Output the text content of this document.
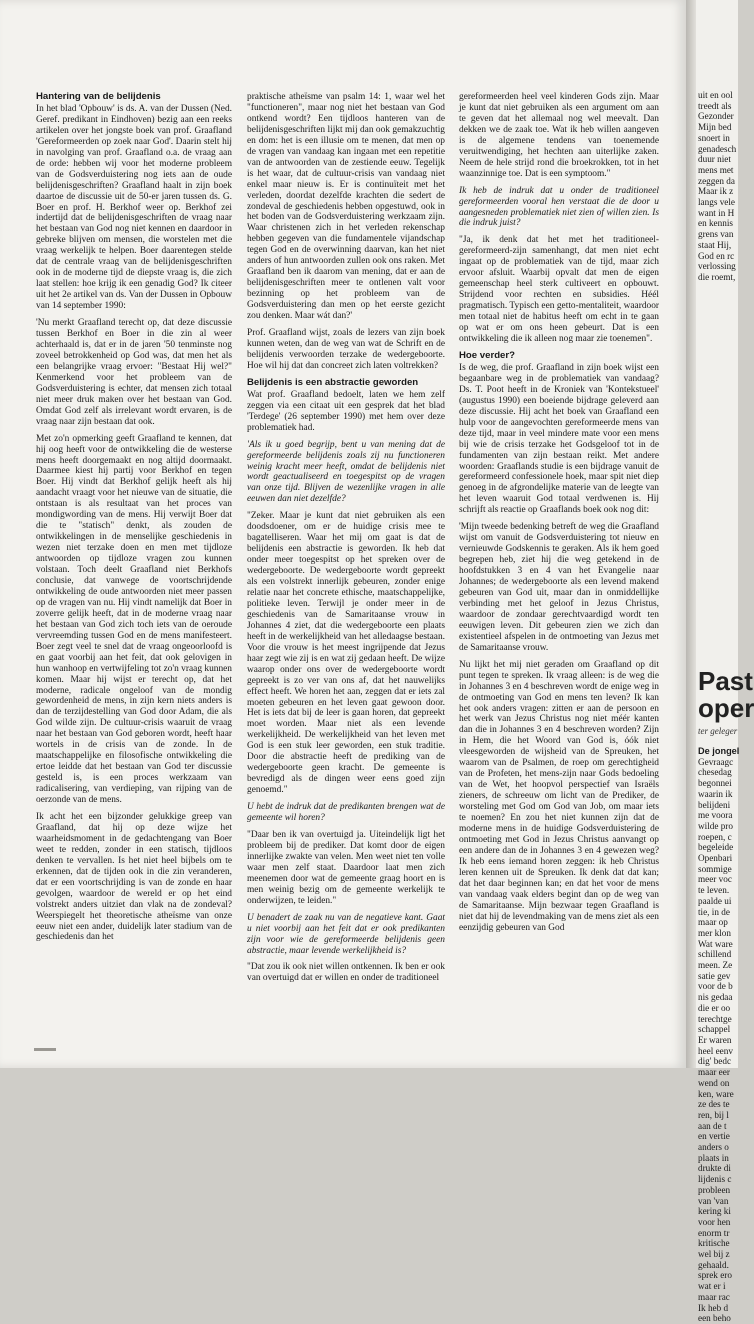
Hantering van de belijdenis

In het blad 'Opbouw' is ds. A. van der Dussen (Ned. Geref. predikant in Eindhoven) bezig aan een reeks artikelen over het jongste boek van prof. Graafland 'Gereformeerden op zoek naar God'. Daarin stelt hij in navolging van prof. Graafland o.a. de vraag aan de orde: hebben wij voor het moderne probleem van de Godsverduistering nog iets aan de oude belijdenisgeschriften? Graafland haalt in zijn boek daartoe de discussie uit de 50-er jaren tussen ds. G. Boer en prof. H. Berkhof weer op. Berkhof zei indertijd dat de belijdenisgeschriften de vraag naar het bestaan van God nog niet kennen en daardoor in gebreke blijven om mensen, die worstelen met die vraag werkelijk te helpen. Boer daarentegen stelde dat de centrale vraag van de belijdenisgeschriften ook in de moderne tijd de diepste vraag is, die zich laat stellen: hoe krijg ik een genadig God? Ik citeer uit het 2e artikel van ds. Van der Dussen in Opbouw van 14 september 1990:

'Nu merkt Graafland terecht op, dat deze discussie tussen Berkhof en Boer in die zin al weer achterhaald is, dat er in de jaren '50 tenminste nog zoveel betrokkenheid op God was, dat men het als een belangrijke vraag ervoer: "Bestaat Hij wel?" Kenmerkend voor het probleem van de Godsverduistering is echter, dat mensen zich totaal niet meer druk maken over het bestaan van God. Omdat God zelf als irrelevant wordt ervaren, is de vraag naar zijn bestaan dat ook.

Met zo'n opmerking geeft Graafland te kennen, dat hij oog heeft voor de ontwikkeling die de westerse mens heeft doorgemaakt en nog altijd doormaakt. Daarmee kiest hij partij voor Berkhof en tegen Boer. Hij vindt dat Berkhof gelijk heeft als hij aandacht vraagt voor het nieuwe van de situatie, die ontstaan is als resultaat van het proces van mondigwording van de mens. Hij verwijt Boer dat die te "statisch" denkt, als zouden de ontwikkelingen in de menselijke geschiedenis in wezen niet terzake doen en men met tijdloze antwoorden op tijdloze vragen zou kunnen volstaan. Toch deelt Graafland niet Berkhofs conclusie, dat vanwege de voortschrijdende ontwikkeling de oude antwoorden niet meer passen op de vragen van nu. Hij vindt namelijk dat Boer in zoverre gelijk heeft, dat in de moderne vraag naar het bestaan van God zich toch iets van de oeroude vervreemding tussen God en de mens manifesteert. Boer zegt veel te snel dat de vraag ongeoorloofd is en gaat voorbij aan het feit, dat ook gelovigen in hun wanhoop en vertwijfeling tot zo'n vraag kunnen komen. Maar hij wijst er terecht op, dat het moderne, radicale ongeloof van de mondig gewordenheid de mens, in zijn kern niets anders is dan de terzijdestelling van God door Adam, die als God wilde zijn. De cultuur-crisis waaruit de vraag naar het bestaan van God geboren wordt, heeft haar wortels in de crisis van de zonde. In de maatschappelijke en filosofische ontwikkeling die ertoe leidde dat het bestaan van God ter discussie gesteld is, is een proces werkzaam van radicalisering, van verdieping, van rijping van de oerzonde van de mens.

Ik acht het een bijzonder gelukkige greep van Graafland, dat hij op deze wijze het waarheidsmoment in de gedachtengang van Boer weet te redden, zonder in een statisch, tijdloos denken te vervallen. Is het niet heel bijbels om te erkennen, dat de tijden ook in die zin veranderen, dat er een voortschrijding is van de zonde en haar gevolgen, waardoor de wereld er op het eind volstrekt anders uitziet dan vlak na de zondeval? Weerspiegelt het theoretische atheïsme van onze eeuw niet een ander, duidelijk later stadium van de geschiedenis dan het

praktische atheïsme van psalm 14: 1, waar wel het "functioneren", maar nog niet het bestaan van God ontkend wordt? Een tijdloos hanteren van de belijdenisgeschriften lijkt mij dan ook gemakzuchtig en dom: het is een illusie om te menen, dat men op de vragen van vandaag kan ingaan met een repetitie van de antwoorden van de zestiende eeuw. Tegelijk is het waar, dat de cultuur-crisis van vandaag niet enkel maar nieuw is. Er is continuïteit met het verleden, doordat dezelfde krachten die sedert de zondeval de geschiedenis hebben opgestuwd, ook in het boden van de Godsverduistering werkzaam zijn. Waar christenen zich in het verleden rekenschap hebben gegeven van die fundamentele vijandschap tegen God en de overwinning daarvan, kan het niet anders of hun antwoorden zullen ook ons raken. Met Graafland ben ik daarom van mening, dat er aan de belijdenisgeschriften meer te ontlenen valt voor bezinning op het probleem van de Godsverduistering dan men op het eerste gezicht zou denken. Maar wát dan?'

Prof. Graafland wijst, zoals de lezers van zijn boek kunnen weten, dan de weg van wat de Schrift en de belijdenis verwoorden terzake de wedergeboorte. Hoe wil hij dat dan concreet zich laten voltrekken?

Belijdenis is een abstractie geworden

Wat prof. Graafland bedoelt, laten we hem zelf zeggen via een citaat uit een gesprek dat het blad 'Terdege' (26 september 1990) met hem over deze problematiek had.

'Als ik u goed begrijp, bent u van mening dat de gereformeerde belijdenis zoals zij nu functioneren weinig kracht meer heeft, omdat de belijdenis niet wordt geactualiseerd en toegespitst op de vragen van onze tijd. Blijven de wezenlijke vragen in alle eeuwen dan niet dezelfde?

"Zeker. Maar je kunt dat niet gebruiken als een doodsdoener, om er de huidige crisis mee te bagatelliseren. Waar het mij om gaat is dat de belijdenis een abstractie is geworden. Ik heb dat onder meer toegespitst op het spreken over de wedergeboorte. De wedergeboorte wordt gepreekt als een volstrekt innerlijk gebeuren, zonder enige relatie naar het concrete ethische, maatschappelijke, politieke leven. Terwijl je onder meer in de geschiedenis van de Samaritaanse vrouw in Johannes 4 ziet, dat die wedergeboorte een plaats heeft in de werkelijkheid van het alledaagse bestaan. Voor die vrouw is het meest ingrijpende dat Jezus haar zegt wie zij is en wat zij gedaan heeft. De wijze waarop onder ons over de wedergeboorte wordt gepreekt is zo ver van ons af, dat het nauwelijks effect heeft. We horen het aan, zeggen dat er iets zal moeten gebeuren en het leven gaat gewoon door. Het is iets dat bij de leer is gaan horen, dat gepreekt moet worden. Maar niet als een levende werkelijkheid. De werkelijkheid van het leven met God is een stuk leer geworden, een stuk traditie. Door die abstractie heeft de prediking van de wedergeboorte geen kracht. De gemeente is bevredigd als de dingen weer eens goed zijn genoemd."

U hebt de indruk dat de predikanten brengen wat de gemeente wil horen?

"Daar ben ik van overtuigd ja. Uiteindelijk ligt het probleem bij de prediker. Dat komt door de eigen innerlijke zwakte van velen. Men weet niet ten volle waar men zelf staat. Daardoor laat men zich meenemen door wat de gemeente graag hoort en is men weinig bezig om de gemeente werkelijk te onderwijzen, te leiden."

U benadert de zaak nu van de negatieve kant. Gaat u niet voorbij aan het feit dat er ook predikanten zijn voor wie de gereformeerde belijdenis geen abstractie, maar levende werkelijkheid is?

"Dat zou ik ook niet willen ontkennen. Ik ben er ook van overtuigd dat er willen en onder de traditioneel

gereformeerden heel veel kinderen Gods zijn. Maar je kunt dat niet gebruiken als een argument om aan te geven dat het allemaal nog wel meevalt. Dan dekken we de zaak toe. Wat ik heb willen aangeven is de algemene tendens van toenemende veruitwendiging, het hechten aan uiterlijke zaken. Neem de hele strijd rond die broekrokken, tot in het waanzinnige toe. Dat is een symptoom."

Ik heb de indruk dat u onder de traditioneel gereformeerden vooral hen verstaat die de door u aangesneden problematiek niet zien of willen zien. Is die indruk juist?

"Ja, ik denk dat het met het traditioneel-gereformeerd-zijn samenhangt, dat men niet echt ingaat op de problematiek van de tijd, maar zich ervoor afsluit. Waarbij opvalt dat men de eigen gemeenschap heel sterk cultiveert en opbouwt. Strijdend voor rechten en subsidies. Héél pragmatisch. Typisch een getto-mentaliteit, waardoor men totaal niet de habitus heeft om echt in te gaan op wat er om ons heen gebeurt. Dat is een ontwikkeling die ik alleen nog maar zie toenemen".

Hoe verder?

Is de weg, die prof. Graafland in zijn boek wijst een begaanbare weg in de problematiek van vandaag? Ds. T. Poot heeft in de Kroniek van 'Kontekstueel' (augustus 1990) een boeiende bijdrage geleverd aan deze discussie. Hij acht het boek van Graafland een hulp voor de aangevochten gereformeerde mens van deze tijd, maar in veel mindere mate voor een mens bij wie de crisis terzake het Godsgeloof tot in de fundamenten van zijn bestaan reikt. Met andere woorden: Graaflands studie is een bijdrage vanuit de gereformeerd confessionele hoek, maar spit niet diep genoeg in de afgrondelijke materie van de leegte van het leven waaruit God totaal verdwenen is. Hij schrijft als reactie op Graaflands boek ook nog dit:

'Mijn tweede bedenking betreft de weg die Graafland wijst om vanuit de Godsverduistering tot nieuw en vernieuwde Godskennis te geraken. Als ik hem goed begrepen heb, ziet hij die weg getekend in de hoofdstukken 3 en 4 van het Evangelie naar Johannes; de wedergeboorte als een levend makend gebeuren van God uit, maar dan in onmiddellijke verbinding met het geloof in Jezus Christus, waardoor de zondaar gerechtvaardigd wordt ten eeuwigen leven. Dit gebeuren zien we zich dan existentieel afspelen in de ontmoeting van Jezus met de Samaritaanse vrouw.

Nu lijkt het mij niet geraden om Graafland op dit punt tegen te spreken. Ik vraag alleen: is de weg die in Johannes 3 en 4 beschreven wordt de enige weg in de ontmoeting van God en mens ten leven? Ik kan het ook anders vragen: zitten er aan de persoon en het werk van Jezus Christus nog niet méér kanten dan die in Johannes 3 en 4 beschreven worden? Zijn in Hem, die het Woord van God is, óók niet vleesgeworden de wijsheid van de Spreuken, het waarom van de Psalmen, de roep om gerechtigheid van de Profeten, het mens-zijn naar Gods bedoeling van de Wet, het hoopvol perspectief van Israëls zieners, de schreeuw om licht van de Prediker, de worsteling met God om God van Job, om maar iets te noemen? En zou het niet kunnen zijn dat de moderne mens in de huidige Godsverduistering de ontmoeting met God in Jezus Christus aanvangt op een andere dan de in Johannes 3 en 4 gewezen weg? Ik heb eens iemand horen zeggen: ik heb Christus leren kennen uit de Spreuken. Ik denk dat dat kan; dat het daar beginnen kan; en dat het voor de mens van vandaag vaak elders begint dan op de weg van de Samaritaanse. Mijn bezwaar tegen Graafland is niet dat hij de levendmaking van de mens ziet als een eenzijdig gebeuren van God

uit en ool
treedt als
Gezonder
Mijn bed
snoert in
genadesch
duur niet
mens met
zeggen da
Maar ik z
langs vele
want in H
en kennis
grens van
staat Hij,
God en rc
verlossing
die roemt,
Past
oper
ter geleger
De jongel
Gevraagc
chesedag
begonnei
waarin ik
belijdeni
me voora
wilde pro
roepen, c
begeleide
Openbari
sommige
meer voc
te leven.
paalde ui
tie, in de
maar op
mer klon
Wat ware
schillend
meen. Ze
satie gev
voor de b
nis gedaa
die er oo
terechtge
schappel
Er waren
heel eenv
dig' bedc
maar eer
wend on
ken, ware
ze des te
ren, bij l
aan de t
en vertie
anders o
plaats in
drukte di
lijdenis c
probleen
van 'van
kering ki
voor hen
enorm tr
kritische
wel bij z
gehaald.
sprek ero
wat er i
maar rac
Ik heb d
een beho
